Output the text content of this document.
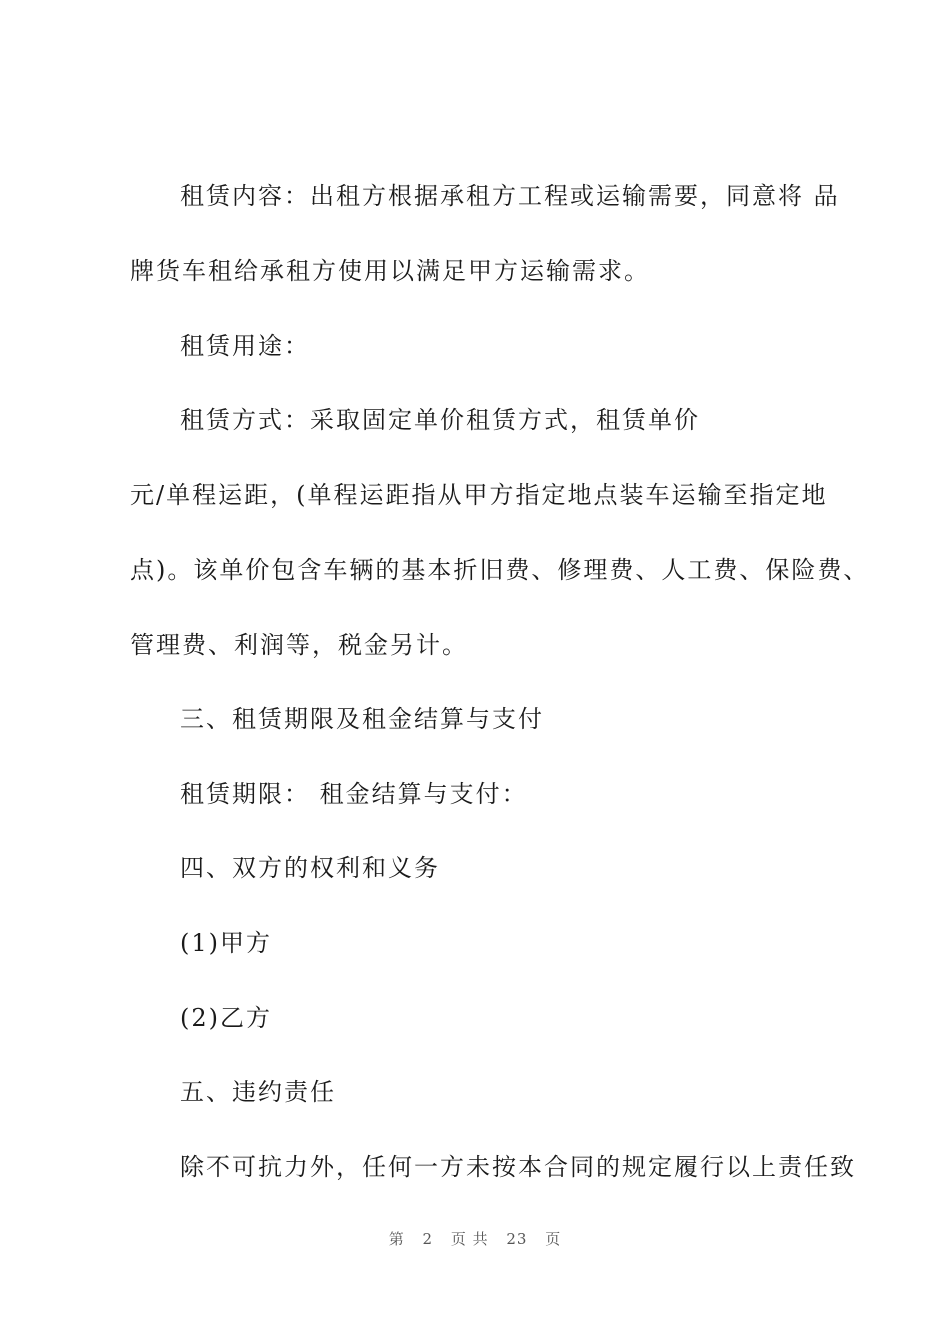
租赁内容：出租方根据承租方工程或运输需要，同意将 品
牌货车租给承租方使用以满足甲方运输需求。
租赁用途：
租赁方式：采取固定单价租赁方式，租赁单价
元/单程运距，(单程运距指从甲方指定地点装车运输至指定地
点)。该单价包含车辆的基本折旧费、修理费、人工费、保险费、
管理费、利润等，税金另计。
三、租赁期限及租金结算与支付
租赁期限： 租金结算与支付：
四、双方的权利和义务
(1)甲方
(2)乙方
五、违约责任
除不可抗力外，任何一方未按本合同的规定履行以上责任致
第 2 页 共 23 页
